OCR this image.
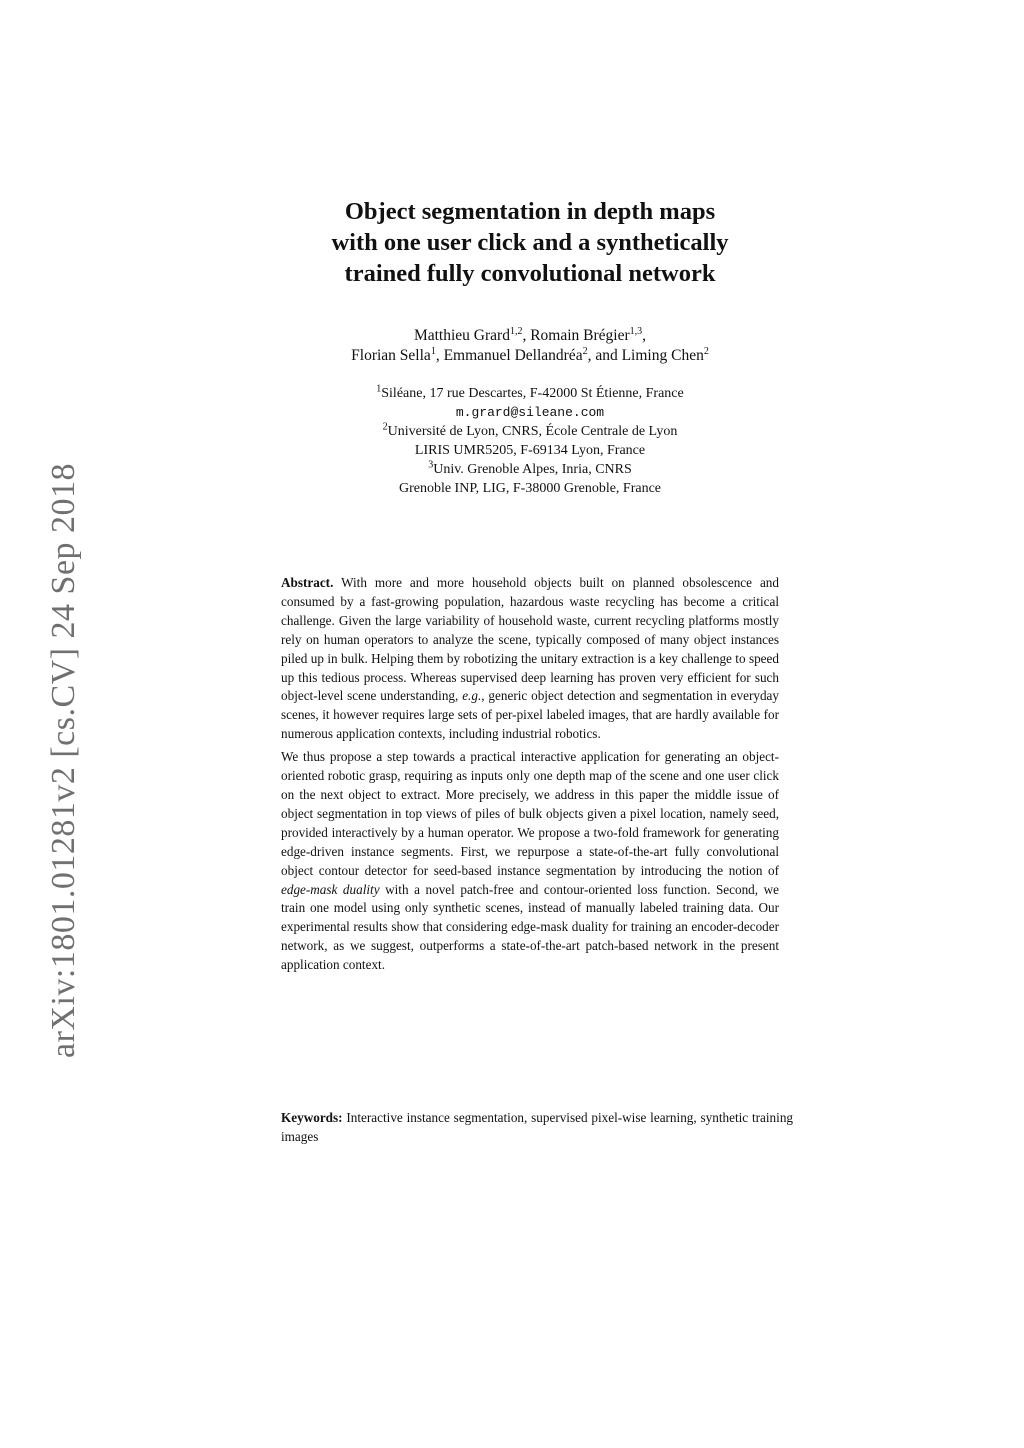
arXiv:1801.01281v2 [cs.CV] 24 Sep 2018
Object segmentation in depth maps
with one user click and a synthetically
trained fully convolutional network
Matthieu Grard$^{1,2}$, Romain Brégier$^{1,3}$,
Florian Sella$^1$, Emmanuel Dellandréa$^2$, and Liming Chen$^2$
$^1$Siléane, 17 rue Descartes, F-42000 St Étienne, France
m.grard@sileane.com
$^2$Université de Lyon, CNRS, École Centrale de Lyon
LIRIS UMR5205, F-69134 Lyon, France
$^3$Univ. Grenoble Alpes, Inria, CNRS
Grenoble INP, LIG, F-38000 Grenoble, France

Abstract. With more and more household objects built on planned obsolescence and consumed by a fast-growing population, hazardous waste recycling has become a critical challenge. Given the large variability of household waste, current recycling platforms mostly rely on human operators to analyze the scene, typically composed of many object instances piled up in bulk. Helping them by robotizing the unitary extraction is a key challenge to speed up this tedious process. Whereas supervised deep learning has proven very efficient for such object-level scene understanding, e.g., generic object detection and segmentation in everyday scenes, it however requires large sets of per-pixel labeled images, that are hardly available for numerous application contexts, including industrial robotics.

We thus propose a step towards a practical interactive application for generating an object-oriented robotic grasp, requiring as inputs only one depth map of the scene and one user click on the next object to extract. More precisely, we address in this paper the middle issue of object segmentation in top views of piles of bulk objects given a pixel location, namely seed, provided interactively by a human operator. We propose a two-fold framework for generating edge-driven instance segments. First, we repurpose a state-of-the-art fully convolutional object contour detector for seed-based instance segmentation by introducing the notion of edge-mask duality with a novel patch-free and contour-oriented loss function. Second, we train one model using only synthetic scenes, instead of manually labeled training data. Our experimental results show that considering edge-mask duality for training an encoder-decoder network, as we suggest, outperforms a state-of-the-art patch-based network in the present application context.

Keywords: Interactive instance segmentation, supervised pixel-wise learning, synthetic training images
